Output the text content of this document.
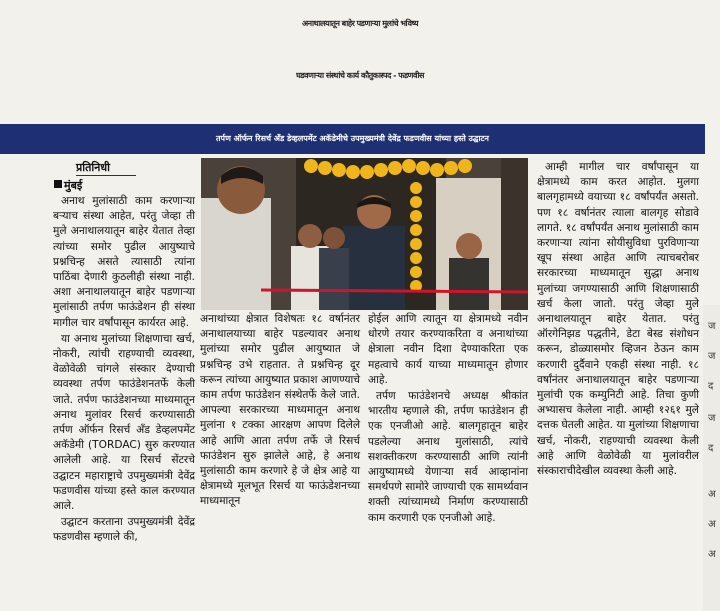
अनाथालयातून बाहेर पडणाऱ्या मुलांचे भविष्य
घडवणाऱ्या संस्थांचे कार्य कौतुकास्पद - फडणवीस
तर्पण ऑर्फन रिसर्च अँड डेव्हलपमेंट अकॅडेमीचे उपमुख्यमंत्री देवेंद्र फडणवीस यांच्या हस्ते उद्घाटन
प्रतिनिधी
मुंबई

अनाथ मुलांसाठी काम करणाऱ्या बऱ्याच संस्था आहेत, परंतु जेव्हा ती मुले अनाथालयातून बाहेर येतात तेव्हा त्यांच्या समोर पुढील आयुष्याचे प्रश्नचिन्ह असते त्यासाठी त्यांना पाठिंबा देणारी कुठलीही संस्था नाही. अशा अनाथालयातून बाहेर पडणाऱ्या मुलांसाठी तर्पण फाऊंडेशन ही संस्था मागील चार वर्षांपासून कार्यरत आहे.

या अनाथ मुलांच्या शिक्षणाचा खर्च, नोकरी, त्यांची राहण्याची व्यवस्था, वेळोवेळी चांगले संस्कार देण्याची व्यवस्था तर्पण फाउंडेशनतर्फे केली जाते. तर्पण फाउंडेशनच्या माध्यमातून अनाथ मुलांवर रिसर्च करण्यासाठी तर्पण ऑर्फन रिसर्च अँड डेव्हलपमेंट अकॅडेमी (TORDAC) सुरु करण्यात आलेली आहे. या रिसर्च सेंटरचे उद्घाटन महाराष्ट्राचे उपमुख्यमंत्री देवेंद्र फडणवीस यांच्या हस्ते काल करण्यात आले.

उद्घाटन करताना उपमुख्यमंत्री देवेंद्र फडणवीस म्हणाले की,

अनाथांच्या क्षेत्रात विशेषतः १८ वर्षानंतर अनाथालयाच्या बाहेर पडल्यावर अनाथ मुलांच्या समोर पुढील आयुष्यात जे प्रश्नचिन्ह उभे राहतात. ते प्रश्नचिन्ह दूर करून त्यांच्या आयुष्यात प्रकाश आणण्याचे काम तर्पण फाउंडेशन संस्थेतर्फे केले जाते. आपल्या सरकारच्या माध्यमातून अनाथ मुलांना १ टक्का आरक्षण आपण दिलेले आहे आणि आता तर्पण तर्फे जे रिसर्च फाउंडेशन सुरु झालेले आहे, हे अनाथ मुलांसाठी काम करणारे हे जे क्षेत्र आहे या क्षेत्रामध्ये मूलभूत रिसर्च या फाऊंडेशनच्या माध्यमातून

होईल आणि त्यातून या क्षेत्रामध्ये नवीन धोरणे तयार करण्याकरिता व अनाथांच्या क्षेत्राला नवीन दिशा देण्याकरिता एक महत्वाचे कार्य याच्या माध्यमातून होणार आहे.

तर्पण फाउंडेशनचे अध्यक्ष श्रीकांत भारतीय म्हणाले की, तर्पण फाउंडेशन ही एक एनजीओ आहे. बालगृहातून बाहेर पडलेल्या अनाथ मुलांसाठी, त्यांचे सशक्तीकरण करण्यासाठी आणि त्यांनी आयुष्यामध्ये येणाऱ्या सर्व आव्हानांना समर्थपणे सामोरे जाण्याची एक सामर्थ्यवान शक्ती त्यांच्यामध्ये निर्माण करण्यासाठी काम करणारी एक एनजीओ आहे.

आम्ही मागील चार वर्षांपासून या क्षेत्रामध्ये काम करत आहोत. मुलगा बालगृहामध्ये वयाच्या १८ वर्षांपर्यंत असतो. पण १८ वर्षानंतर त्याला बालगृह सोडावे लागते. १८ वर्षांपर्यंत अनाथ मुलांसाठी काम करणाऱ्या त्यांना सोयीसुविधा पुरविणाऱ्या खूप संस्था आहेत आणि त्याचबरोबर सरकारच्या माध्यमातून सुद्धा अनाथ मुलांच्या जगण्यासाठी आणि शिक्षणासाठी खर्च केला जातो. परंतु जेव्हा मुले अनाथालयातून बाहेर येतात. परंतु ऑरगेनिझड पद्धतीने, डेटा बेस्ड संशोधन करून, डोळ्यासमोर व्हिजन ठेऊन काम करणारी दुर्दैवाने एकही संस्था नाही. १८ वर्षांनंतर अनाथालयातून बाहेर पडणाऱ्या मुलांची एक कम्युनिटी आहे. तिचा कुणी अभ्यासच केलेला नाही. आम्ही १२६१ मुले दत्तक घेतली आहेत. या मुलांच्या शिक्षणाचा खर्च, नोकरी, राहण्याची व्यवस्था केली आहे आणि वेळोवेळी या मुलांवरील संस्काराचीदेखील व्यवस्था केली आहे.

ज
ज
द
ज
द
अ
अ
अ
